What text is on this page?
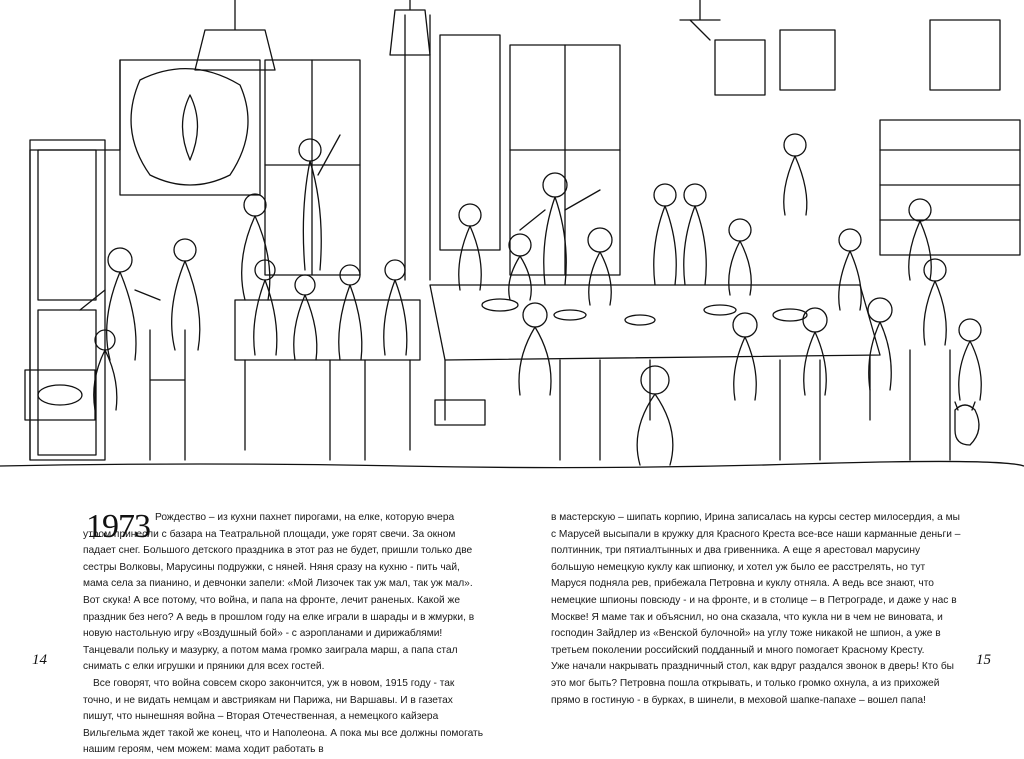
1973 Рождество – из кухни пахнет пирогами, на елке, которую вчера утром принесли с базара на Театральной площади, уже горят свечи. За окном падает снег. Большого детского праздника в этот раз не будет, пришли только две сестры Волковы, Марусины подружки, с няней. Няня сразу на кухню - пить чай, мама села за пианино, и девчонки запели: «Мой Лизочек так уж мал, так уж мал». Вот скука! А все потому, что война, и папа на фронте, лечит раненых. Какой же праздник без него? А ведь в прошлом году на елке играли в шарады и в жмурки, в новую настольную игру «Воздушный бой» - с аэропланами и дирижаблями! Танцевали польку и мазурку, а потом мама громко заиграла марш, а папа стал снимать с елки игрушки и пряники для всех гостей.

Все говорят, что война совсем скоро закончится, уж в новом, 1915 году - так точно, и не видать немцам и австриякам ни Парижа, ни Варшавы. И в газетах пишут, что нынешняя война – Вторая Отечественная, а немецкого кайзера Вильгельма ждет такой же конец, что и Наполеона. А пока мы все должны помогать нашим героям, чем можем: мама ходит работать в

в мастерскую – шипать корпию, Ирина записалась на курсы сестер милосердия, а мы с Марусей высыпали в кружку для Красного Креста все-все наши карманные деньги – полтинник, три пятиалтынных и два гривенника. А еще я арестовал марусину большую немецкую куклу как шпионку, и хотел уж было ее расстрелять, но тут Маруся подняла рев, прибежала Петровна и куклу отняла. А ведь все знают, что немецкие шпионы повсюду - и на фронте, и в столице – в Петрограде, и даже у нас в Москве! Я маме так и объяснил, но она сказала, что кукла ни в чем не виновата, и господин Зайдлер из «Венской булочной» на углу тоже никакой не шпион, а уже в третьем поколении российский подданный и много помогает Красному Кресту.

Уже начали накрывать праздничный стол, как вдруг раздался звонок в дверь! Кто бы это мог быть? Петровна пошла открывать, и только громко охнула, а из прихожей прямо в гостиную - в бурках, в шинели, в меховой шапке-папахе – вошел папа!

14	15
